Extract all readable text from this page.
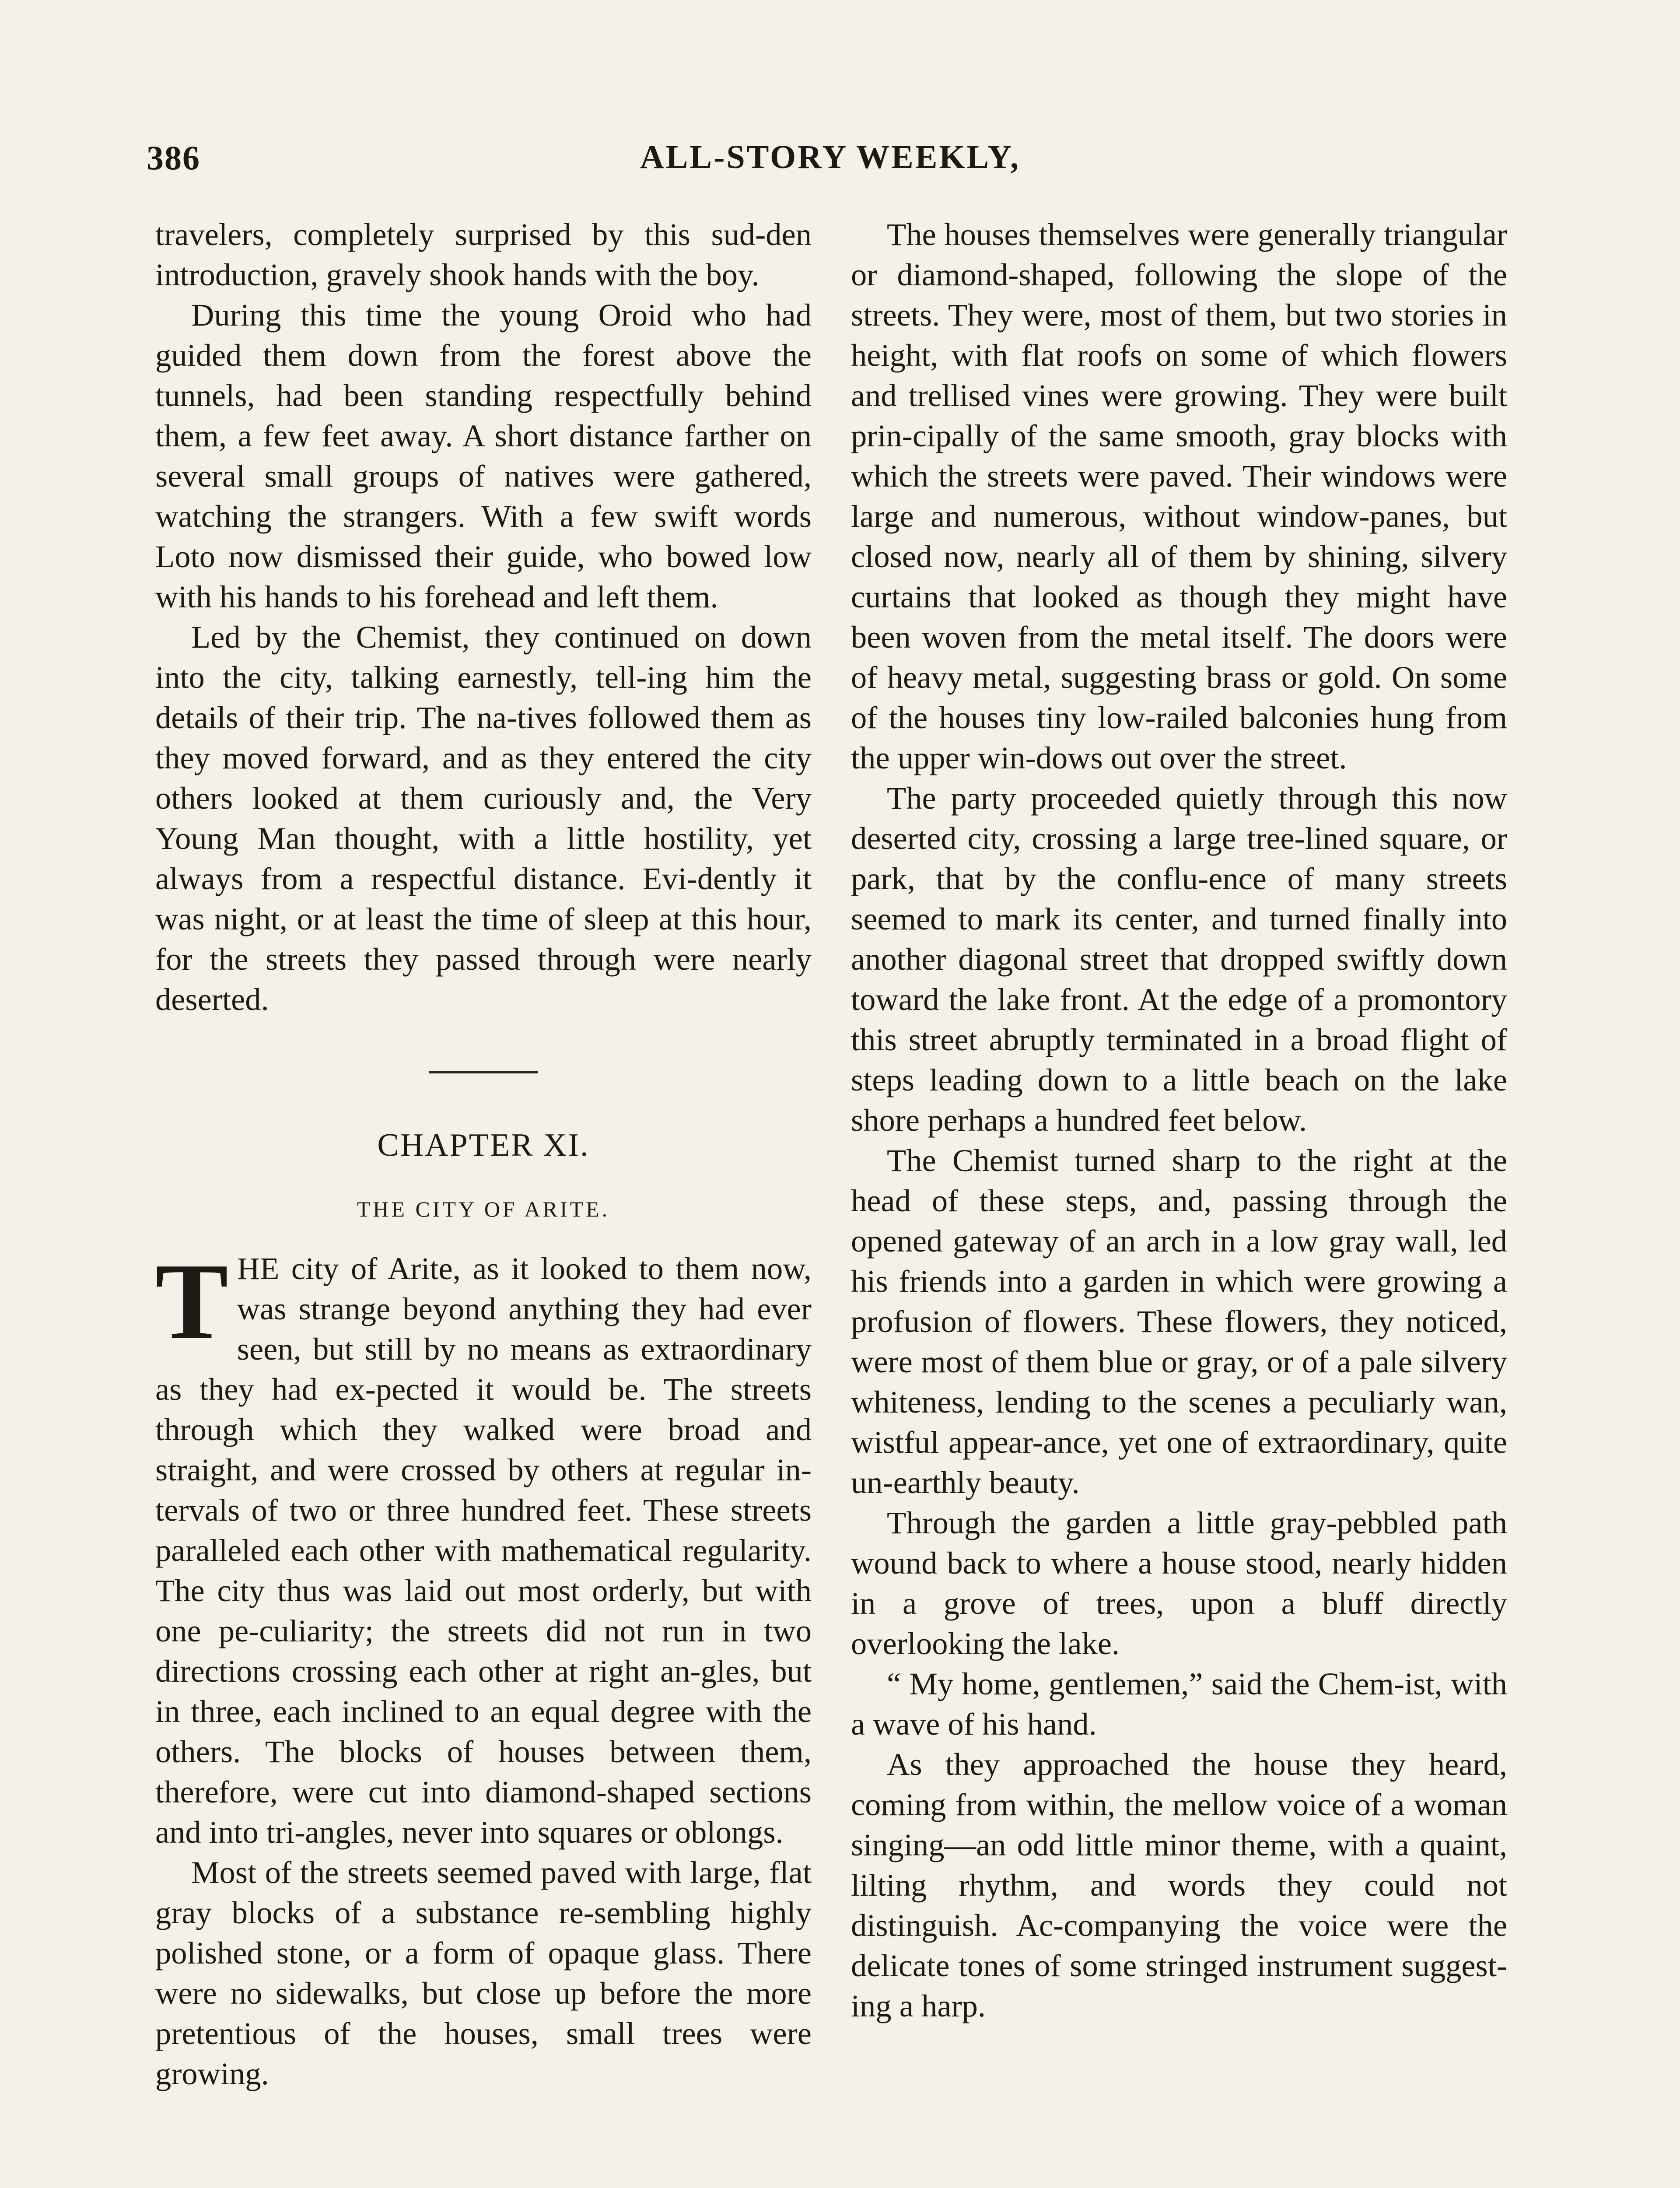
386	ALL-STORY WEEKLY,

travelers, completely surprised by this sud-den introduction, gravely shook hands with the boy.

During this time the young Oroid who had guided them down from the forest above the tunnels, had been standing respectfully behind them, a few feet away. A short distance farther on several small groups of natives were gathered, watching the strangers. With a few swift words Loto now dismissed their guide, who bowed low with his hands to his forehead and left them.

Led by the Chemist, they continued on down into the city, talking earnestly, tell-ing him the details of their trip. The na-tives followed them as they moved forward, and as they entered the city others looked at them curiously and, the Very Young Man thought, with a little hostility, yet always from a respectful distance. Evi-dently it was night, or at least the time of sleep at this hour, for the streets they passed through were nearly deserted.

CHAPTER XI.
THE CITY OF ARITE.

THE city of Arite, as it looked to them now, was strange beyond anything they had ever seen, but still by no means as extraordinary as they had ex-pected it would be. The streets through which they walked were broad and straight, and were crossed by others at regular in-tervals of two or three hundred feet. These streets paralleled each other with mathematical regularity. The city thus was laid out most orderly, but with one pe-culiarity; the streets did not run in two directions crossing each other at right an-gles, but in three, each inclined to an equal degree with the others. The blocks of houses between them, therefore, were cut into diamond-shaped sections and into tri-angles, never into squares or oblongs.

Most of the streets seemed paved with large, flat gray blocks of a substance re-sembling highly polished stone, or a form of opaque glass. There were no sidewalks, but close up before the more pretentious of the houses, small trees were growing.

The houses themselves were generally triangular or diamond-shaped, following the slope of the streets. They were, most of them, but two stories in height, with flat roofs on some of which flowers and trellised vines were growing. They were built prin-cipally of the same smooth, gray blocks with which the streets were paved. Their windows were large and numerous, without window-panes, but closed now, nearly all of them by shining, silvery curtains that looked as though they might have been woven from the metal itself. The doors were of heavy metal, suggesting brass or gold. On some of the houses tiny low-railed balconies hung from the upper win-dows out over the street.

The party proceeded quietly through this now deserted city, crossing a large tree-lined square, or park, that by the conflu-ence of many streets seemed to mark its center, and turned finally into another diagonal street that dropped swiftly down toward the lake front. At the edge of a promontory this street abruptly terminated in a broad flight of steps leading down to a little beach on the lake shore perhaps a hundred feet below.

The Chemist turned sharp to the right at the head of these steps, and, passing through the opened gateway of an arch in a low gray wall, led his friends into a garden in which were growing a profusion of flowers. These flowers, they noticed, were most of them blue or gray, or of a pale silvery whiteness, lending to the scenes a peculiarly wan, wistful appear-ance, yet one of extraordinary, quite un-earthly beauty.

Through the garden a little gray-pebbled path wound back to where a house stood, nearly hidden in a grove of trees, upon a bluff directly overlooking the lake.

“ My home, gentlemen,” said the Chem-ist, with a wave of his hand.

As they approached the house they heard, coming from within, the mellow voice of a woman singing—an odd little minor theme, with a quaint, lilting rhythm, and words they could not distinguish. Ac-companying the voice were the delicate tones of some stringed instrument suggest-ing a harp.
